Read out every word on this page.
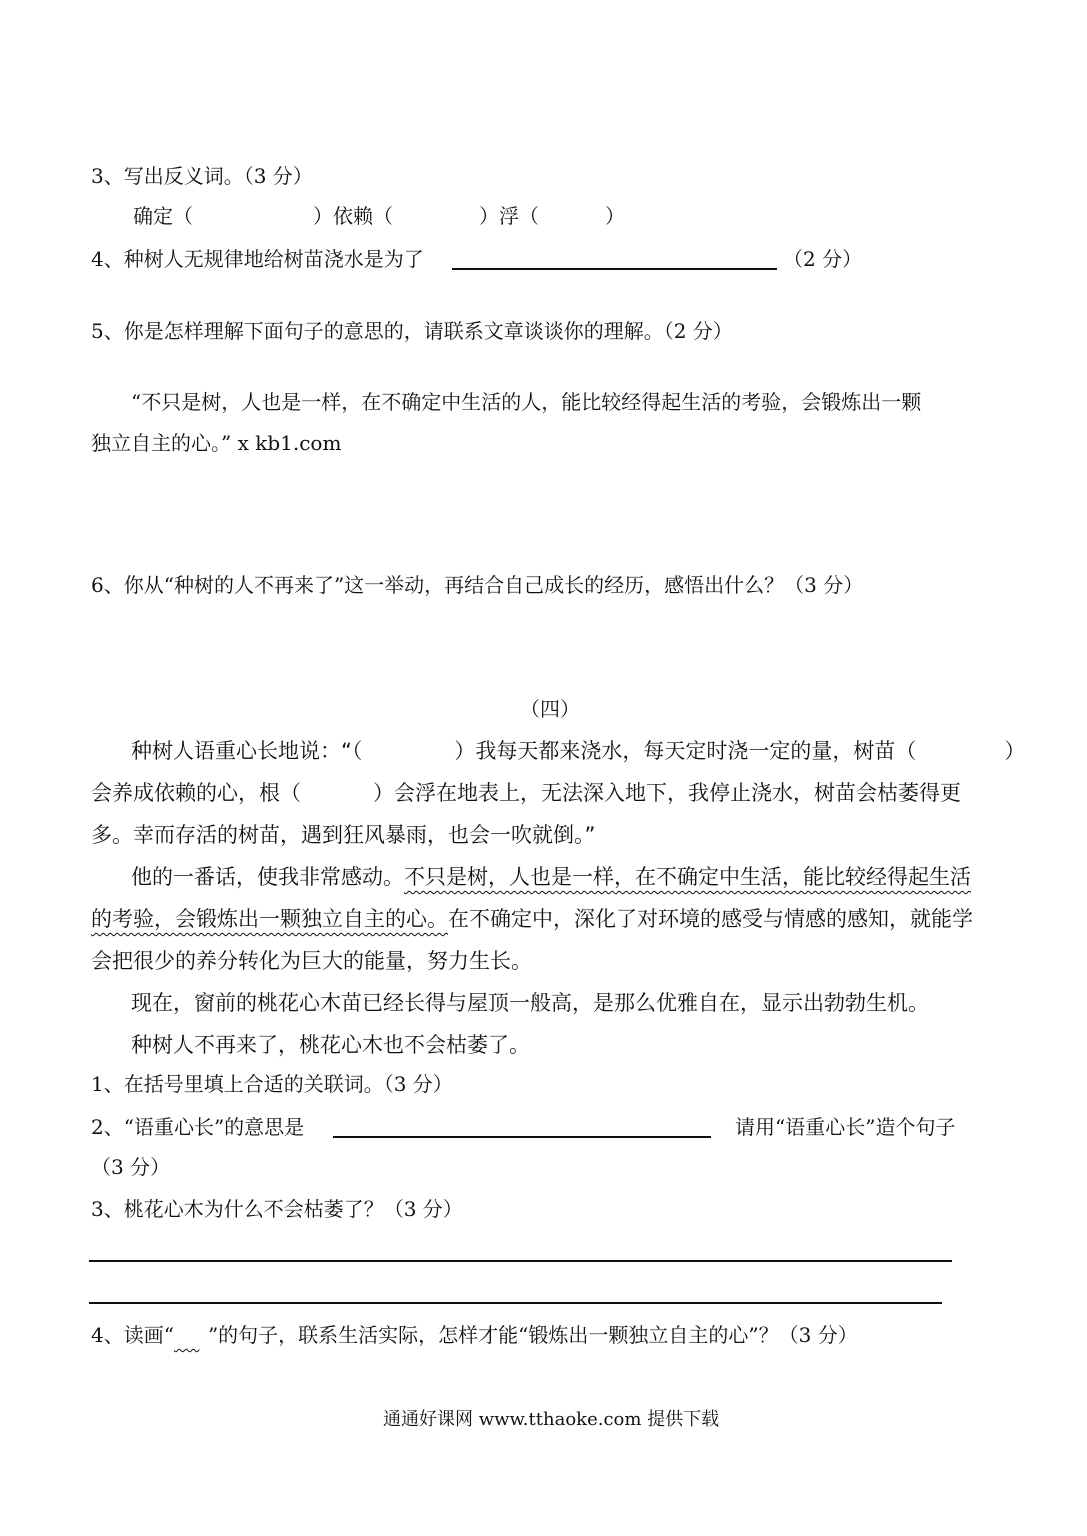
3、写出反义词。（3 分）
确定（	）依赖（	）浮（	）
4、种树人无规律地给树苗浇水是为了	（2 分）
5、你是怎样理解下面句子的意思的，请联系文章谈谈你的理解。（2 分）
“不只是树，人也是一样，在不确定中生活的人，能比较经得起生活的考验，会锻炼出一颗
独立自主的心。” x kb1.com
6、你从“种树的人不再来了”这一举动，再结合自己成长的经历，感悟出什么？（3 分）
（四）
种树人语重心长地说：“（	）我每天都来浇水，每天定时浇一定的量，树苗（	）
会养成依赖的心，根（	）会浮在地表上，无法深入地下，我停止浇水，树苗会枯萎得更
多。幸而存活的树苗，遇到狂风暴雨，也会一吹就倒。”
他的一番话，使我非常感动。不只是树，人也是一样，在不确定中生活，能比较经得起生活
的考验，会锻炼出一颗独立自主的心。在不确定中，深化了对环境的感受与情感的感知，就能学
会把很少的养分转化为巨大的能量，努力生长。
现在，窗前的桃花心木苗已经长得与屋顶一般高，是那么优雅自在，显示出勃勃生机。
种树人不再来了，桃花心木也不会枯萎了。
1、在括号里填上合适的关联词。（3 分）
2、“语重心长”的意思是	请用“语重心长”造个句子
（3 分）
3、桃花心木为什么不会枯萎了？（3 分）
4、读画“ ”的句子，联系生活实际，怎样才能“锻炼出一颗独立自主的心”？（3 分）
通通好课网 www.tthaoke.com 提供下载
